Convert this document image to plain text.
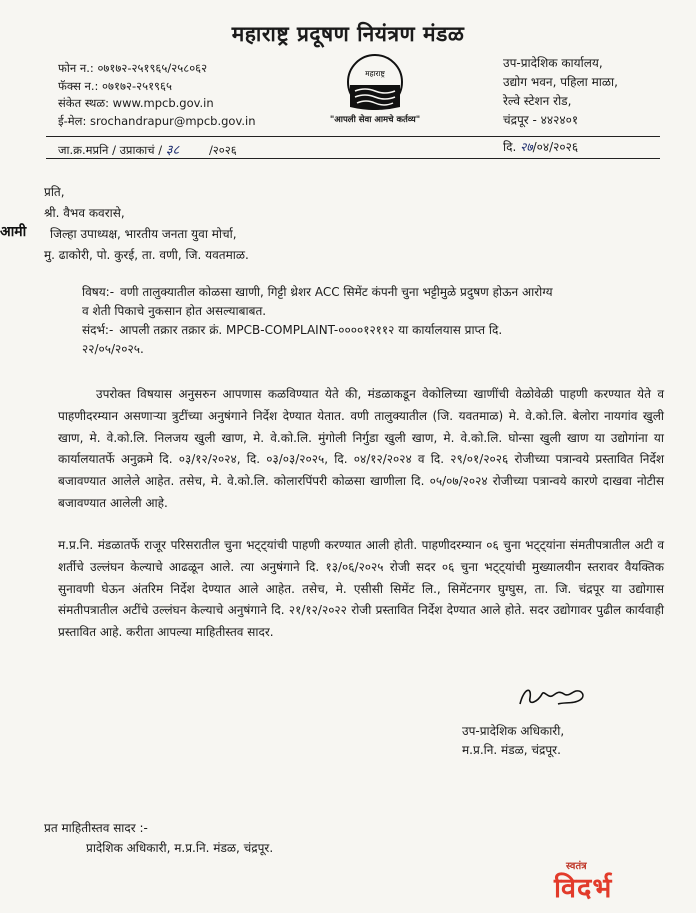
महाराष्ट्र प्रदूषण नियंत्रण मंडळ
फोन न.: ०७१७२-२५१९६५/२५८०६२
फॅक्स न.: ०७१७२-२५१९६५
संकेत स्थळ: www.mpcb.gov.in
ई-मेल: srochandrapur@mpcb.gov.in
महाराष्ट्र
"आपली सेवा आमचे कर्तव्य"
उप-प्रादेशिक कार्यालय,
उद्योग भवन, पहिला माळा,
रेल्वे स्टेशन रोड,
चंद्रपूर - ४४२४०१
जा.क्र.मप्रनि / उप्राकाचं / ३८	/२०२६	दि. २७/०४/२०२६
आमी
प्रति,
श्री. वैभव कवरासे,
जिल्हा उपाध्यक्ष, भारतीय जनता युवा मोर्चा,
मु. ढाकोरी, पो. कुरई, ता. वणी, जि. यवतमाळ.
विषय:- वणी तालुक्यातील कोळसा खाणी, गिट्टी थ्रेशर ACC सिमेंट कंपनी चुना भट्टीमुळे प्रदुषण होऊन आरोग्य
व शेती पिकाचे नुकसान होत असल्याबाबत.
संदर्भ:- आपली तक्रार तक्रार क्रं. MPCB-COMPLAINT-००००१२११२ या कार्यालयास प्राप्त दि.
२२/०५/२०२५.
उपरोक्त विषयास अनुसरुन आपणास कळविण्यात येते की, मंडळाकडून वेकोलिच्या खाणींची वेळोवेळी पाहणी करण्यात येते व पाहणीदरम्यान असणाऱ्या त्रुटींच्या अनुषंगाने निर्देश देण्यात येतात. वणी तालुक्यातील (जि. यवतमाळ) मे. वे.को.लि. बेलोरा नायगांव खुली खाण, मे. वे.को.लि. निलजय खुली खाण, मे. वे.को.लि. मुंगोली निर्गुडा खुली खाण, मे. वे.को.लि. घोन्सा खुली खाण या उद्योगांना या कार्यालयातर्फे अनुक्रमे दि. ०३/१२/२०२४, दि. ०३/०३/२०२५, दि. ०४/१२/२०२४ व दि. २९/०१/२०२६ रोजीच्या पत्रान्वये प्रस्तावित निर्देश बजावण्यात आलेले आहेत. तसेच, मे. वे.को.लि. कोलारपिंपरी कोळसा खाणीला दि. ०५/०७/२०२४ रोजीच्या पत्रान्वये कारणे दाखवा नोटीस बजावण्यात आलेली आहे.
म.प्र.नि. मंडळातर्फे राजूर परिसरातील चुना भट्ट्यांची पाहणी करण्यात आली होती. पाहणीदरम्यान ०६ चुना भट्ट्यांना संमतीपत्रातील अटी व शर्तीचे उल्लंघन केल्याचे आढळून आले. त्या अनुषंगाने दि. १३/०६/२०२५ रोजी सदर ०६ चुना भट्ट्यांची मुख्यालयीन स्तरावर वैयक्तिक सुनावणी घेऊन अंतरिम निर्देश देण्यात आले आहेत. तसेच, मे. एसीसी सिमेंट लि., सिमेंटनगर घुग्घुस, ता. जि. चंद्रपूर या उद्योगास संमतीपत्रातील अटींचे उल्लंघन केल्याचे अनुषंगाने दि. २१/१२/२०२२ रोजी प्रस्तावित निर्देश देण्यात आले होते. सदर उद्योगावर पुढील कार्यवाही प्रस्तावित आहे. करीता आपल्या माहितीस्तव सादर.
उप-प्रादेशिक अधिकारी,
म.प्र.नि. मंडळ, चंद्रपूर.
प्रत माहितीस्तव सादर :-
प्रादेशिक अधिकारी, म.प्र.नि. मंडळ, चंद्रपूर.
स्वतंत्र
विदर्भ
